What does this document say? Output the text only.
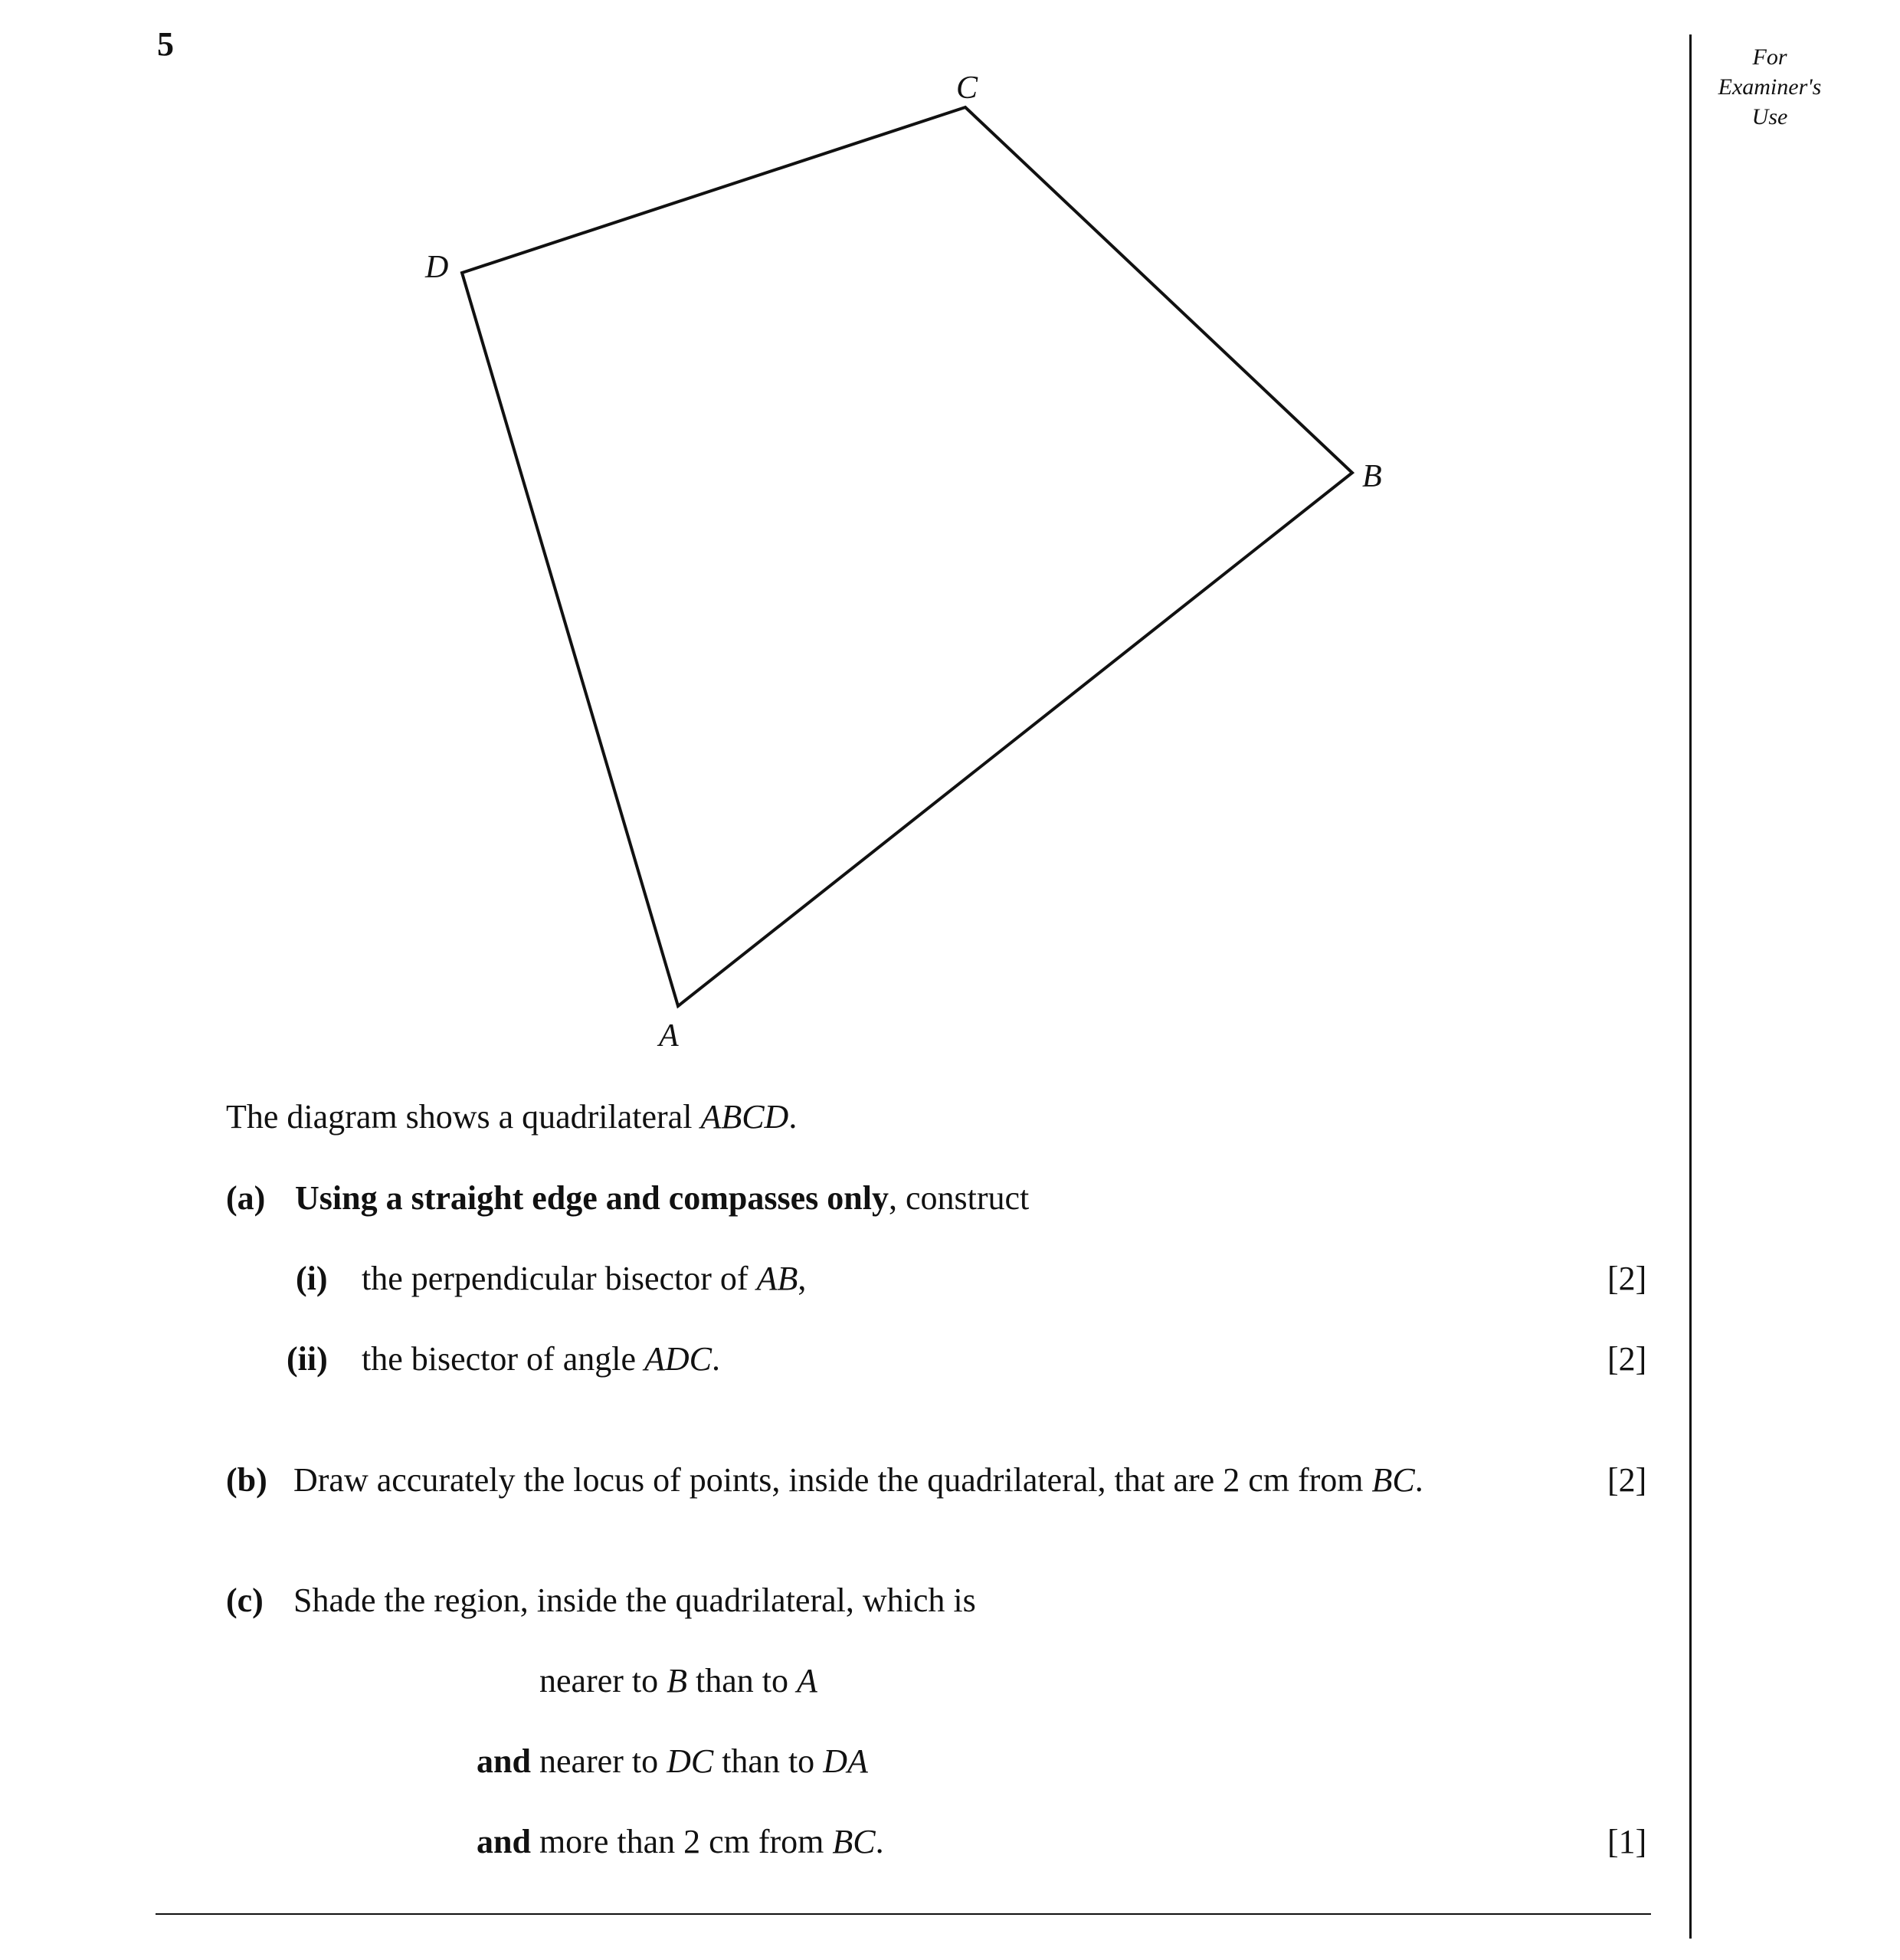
5	For
Examiner's
Use
A
B
C
D
The diagram shows a quadrilateral ABCD.
(a) Using a straight edge and compasses only, construct
(i) the perpendicular bisector of AB,	[2]
(ii) the bisector of angle ADC.	[2]
(b) Draw accurately the locus of points, inside the quadrilateral, that are 2 cm from BC.	[2]
(c) Shade the region, inside the quadrilateral, which is
nearer to B than to A
and nearer to DC than to DA
and more than 2 cm from BC.	[1]
